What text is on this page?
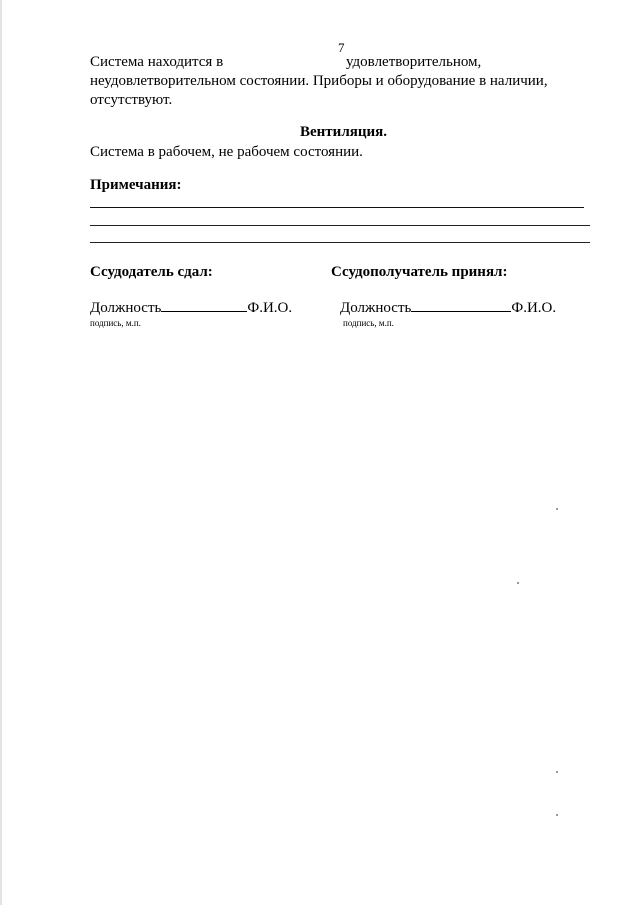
7
Система находится в	удовлетворительном,
неудовлетворительном состоянии. Приборы и оборудование в наличии,
отсутствуют.
Вентиляция.
Система в рабочем, не рабочем состоянии.
Примечания:
Ссудодатель сдал:
Должность	Ф.И.О.
подпись, м.п.
Ссудополучатель принял:
Должность	Ф.И.О.
подпись, м.п.
